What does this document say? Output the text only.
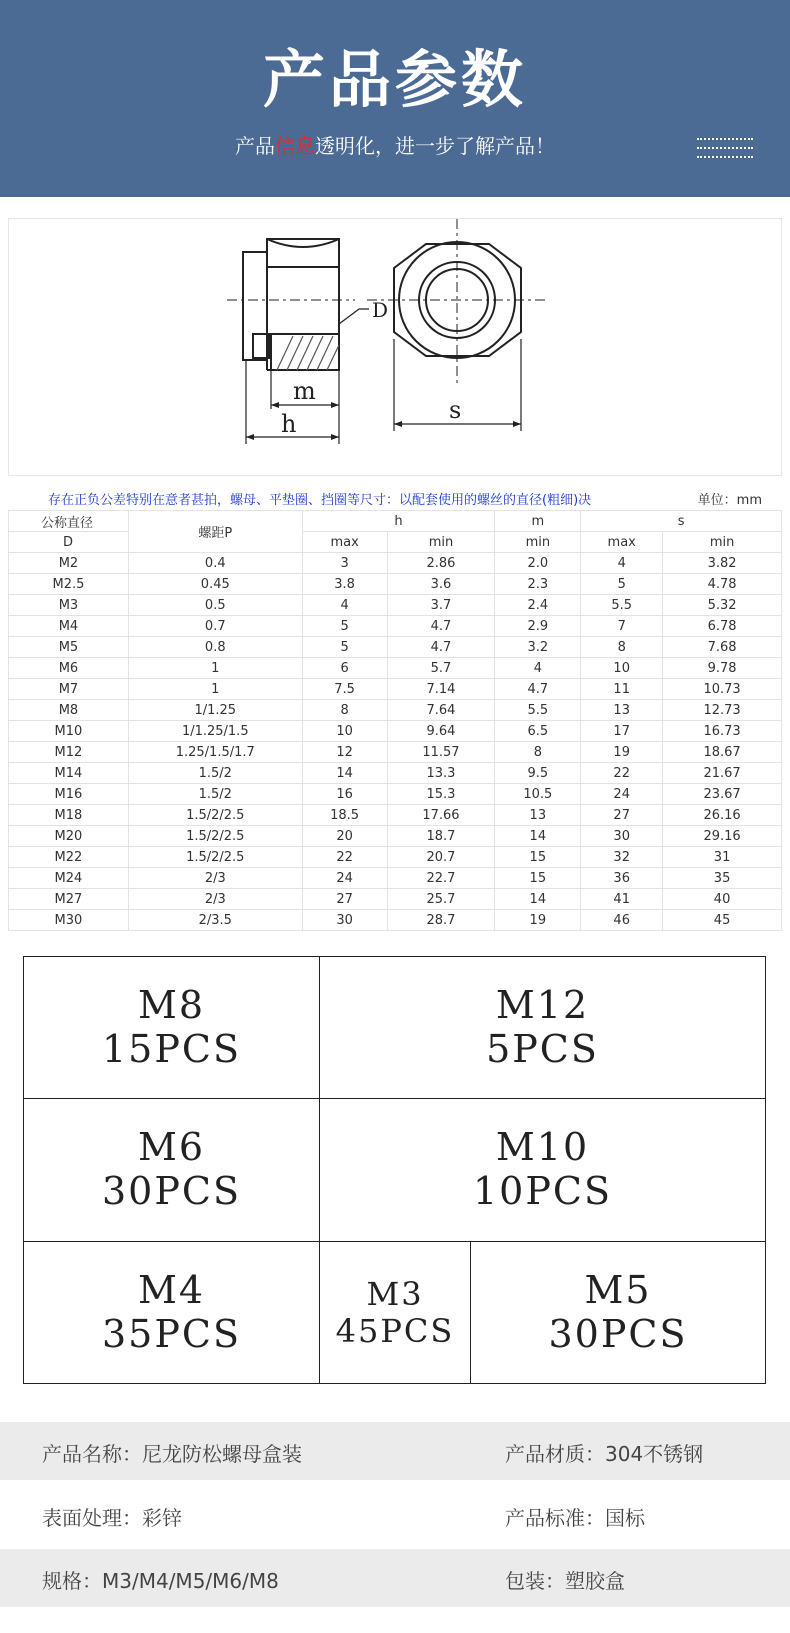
产品参数
产品信息透明化，进一步了解产品！
D
m
h	s
存在正负公差特别在意者甚拍，螺母、平垫圈、挡圈等尺寸：以配套使用的螺丝的直径(粗细)决	单位：mm
公称直径	螺距P	h		m	s	
D		max	min	min	max	min
M2	0.4	3	2.86	2.0	4	3.82
M2.5	0.45	3.8	3.6	2.3	5	4.78
M3	0.5	4	3.7	2.4	5.5	5.32
M4	0.7	5	4.7	2.9	7	6.78
M5	0.8	5	4.7	3.2	8	7.68
M6	1	6	5.7	4	10	9.78
M7	1	7.5	7.14	4.7	11	10.73
M8	1/1.25	8	7.64	5.5	13	12.73
M10	1/1.25/1.5	10	9.64	6.5	17	16.73
M12	1.25/1.5/1.7	12	11.57	8	19	18.67
M14	1.5/2	14	13.3	9.5	22	21.67
M16	1.5/2	16	15.3	10.5	24	23.67
M18	1.5/2/2.5	18.5	17.66	13	27	26.16
M20	1.5/2/2.5	20	18.7	14	30	29.16
M22	1.5/2/2.5	22	20.7	15	32	31
M24	2/3	24	22.7	15	36	35
M27	2/3	27	25.7	14	41	40
M30	2/3.5	30	28.7	19	46	45
M8
15PCS
M12
5PCS
M6
30PCS
M10
10PCS
M4
35PCS
M3
45PCS
M5
30PCS
产品名称：尼龙防松螺母盒装	产品材质：304不锈钢
表面处理：彩锌	产品标准：国标
规格：M3/M4/M5/M6/M8	包装：塑胶盒
